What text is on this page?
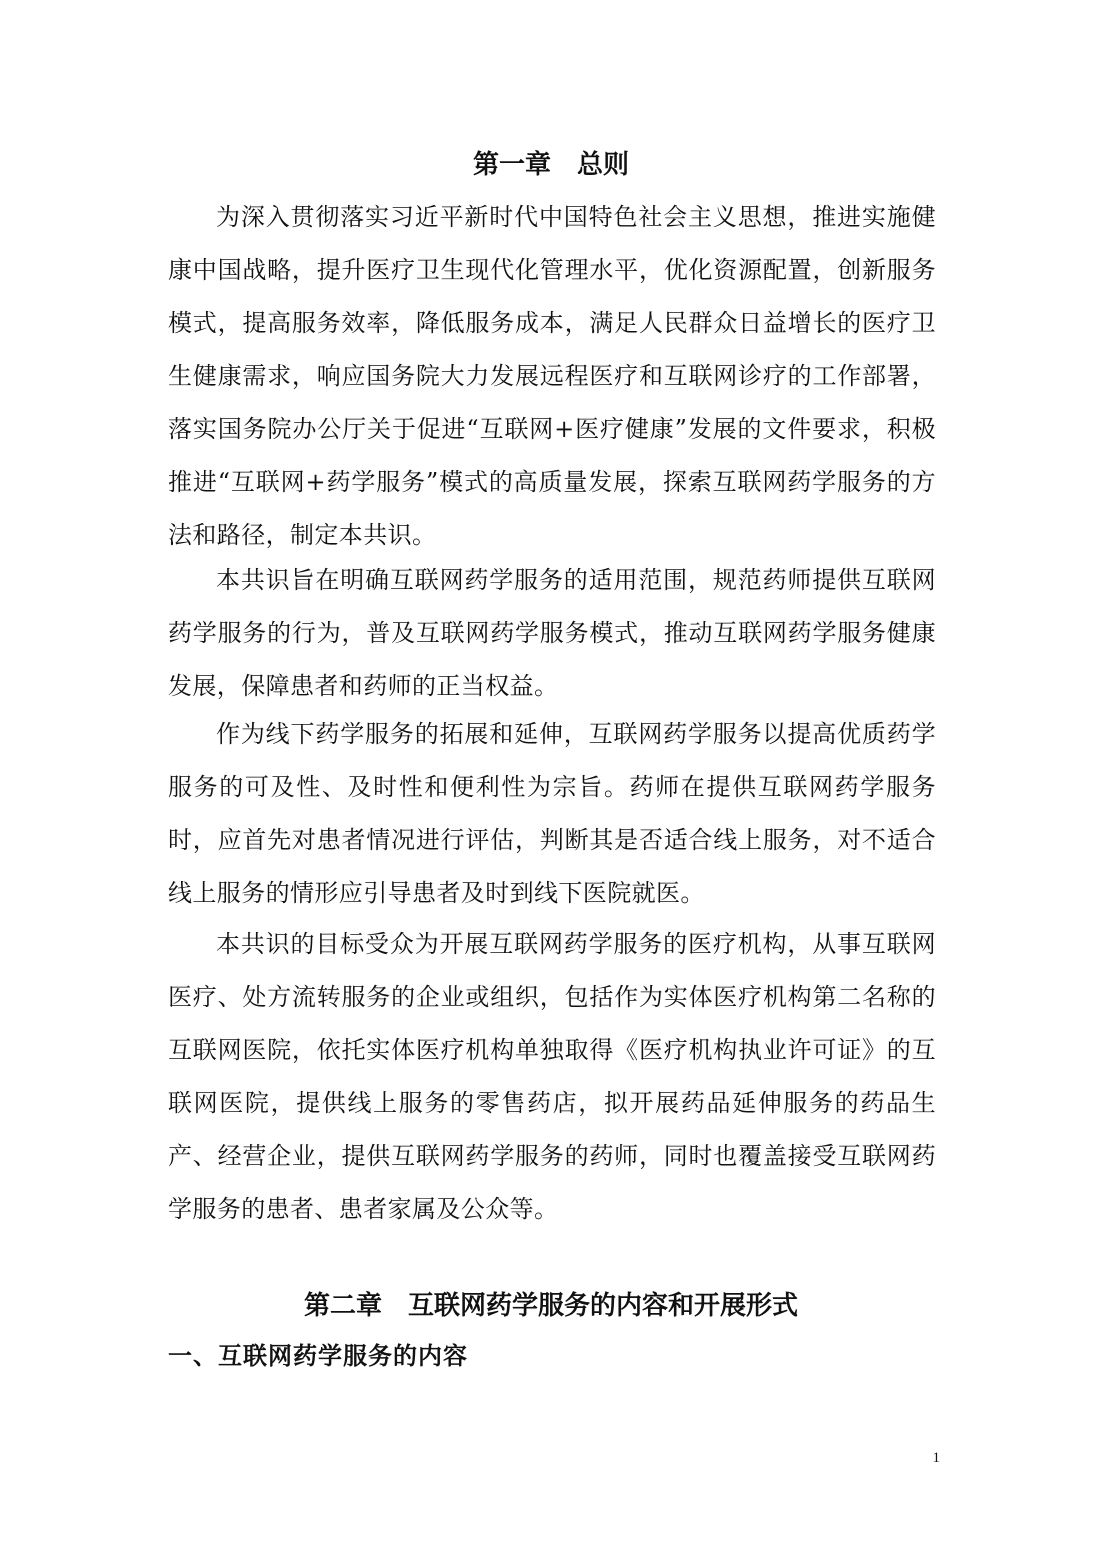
第一章　总则

为深入贯彻落实习近平新时代中国特色社会主义思想，推进实施健康中国战略，提升医疗卫生现代化管理水平，优化资源配置，创新服务模式，提高服务效率，降低服务成本，满足人民群众日益增长的医疗卫生健康需求，响应国务院大力发展远程医疗和互联网诊疗的工作部署，落实国务院办公厅关于促进“互联网+医疗健康”发展的文件要求，积极推进“互联网+药学服务”模式的高质量发展，探索互联网药学服务的方法和路径，制定本共识。

本共识旨在明确互联网药学服务的适用范围，规范药师提供互联网药学服务的行为，普及互联网药学服务模式，推动互联网药学服务健康发展，保障患者和药师的正当权益。

作为线下药学服务的拓展和延伸，互联网药学服务以提高优质药学服务的可及性、及时性和便利性为宗旨。药师在提供互联网药学服务时，应首先对患者情况进行评估，判断其是否适合线上服务，对不适合线上服务的情形应引导患者及时到线下医院就医。

本共识的目标受众为开展互联网药学服务的医疗机构，从事互联网医疗、处方流转服务的企业或组织，包括作为实体医疗机构第二名称的互联网医院，依托实体医疗机构单独取得《医疗机构执业许可证》的互联网医院，提供线上服务的零售药店，拟开展药品延伸服务的药品生产、经营企业，提供互联网药学服务的药师，同时也覆盖接受互联网药学服务的患者、患者家属及公众等。

第二章　互联网药学服务的内容和开展形式
一、互联网药学服务的内容
1
